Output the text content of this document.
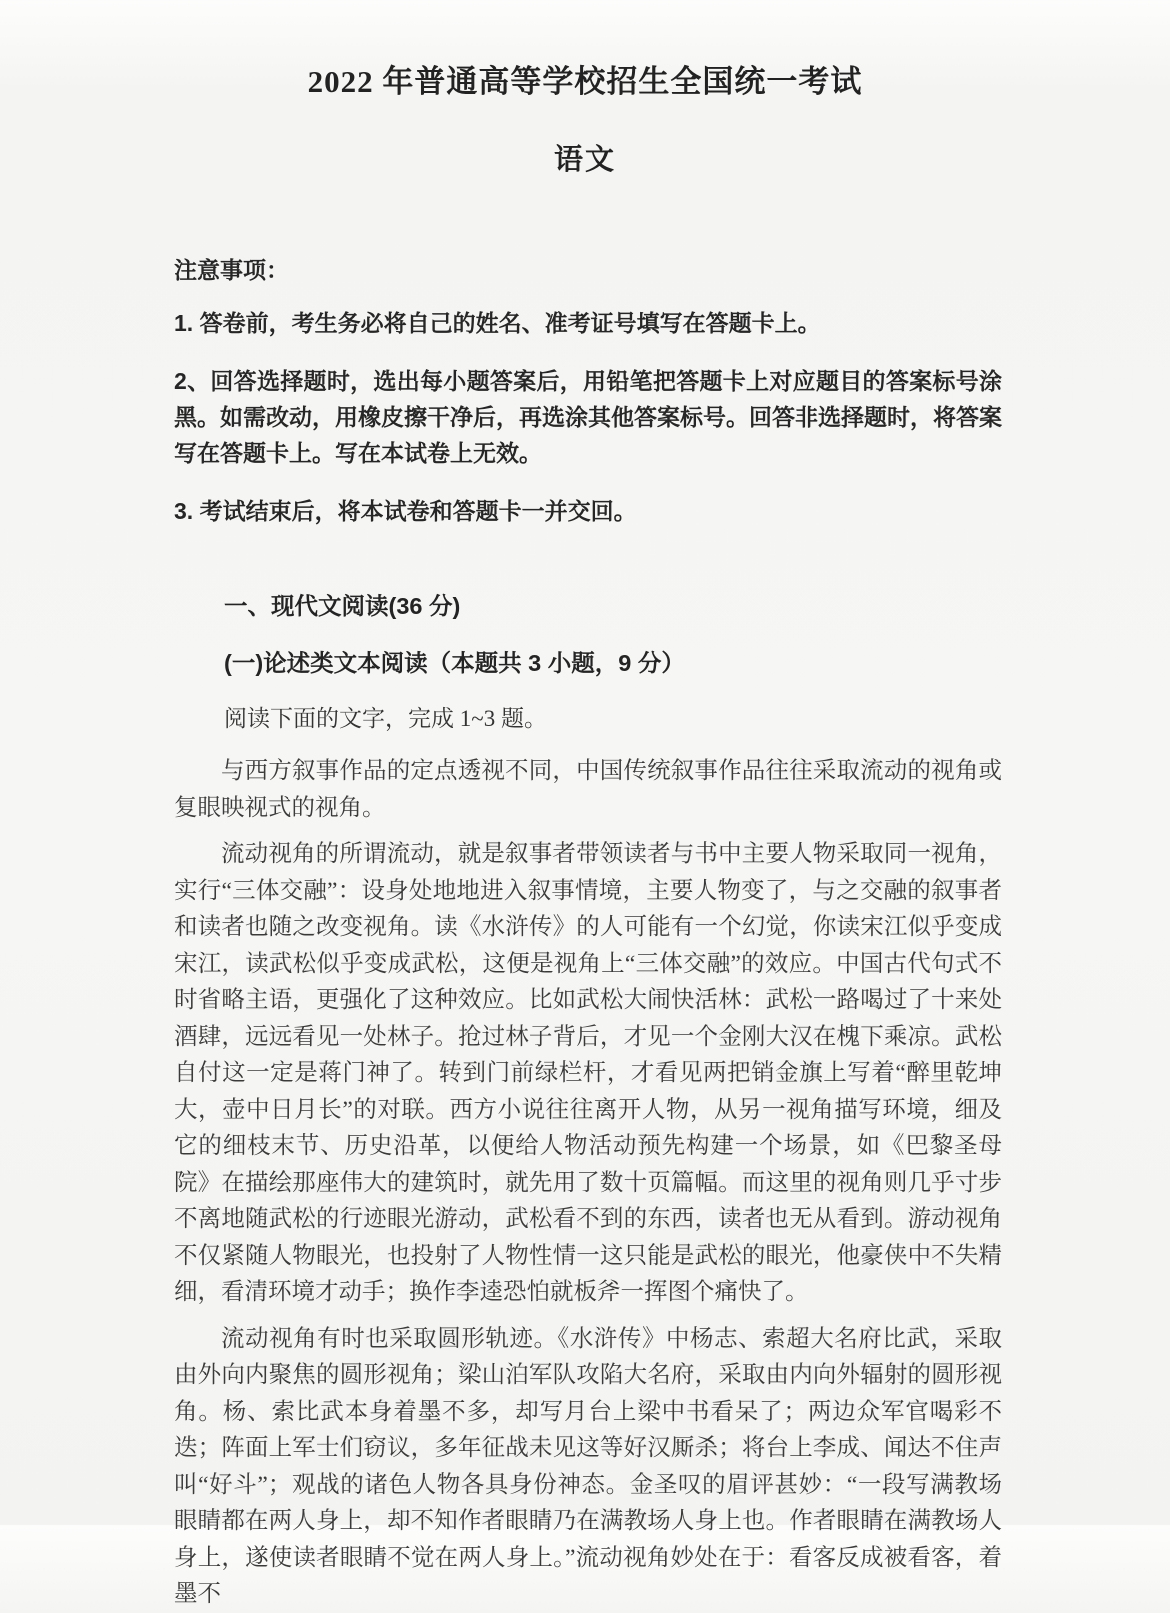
2022 年普通高等学校招生全国统一考试
语文

注意事项：

1. 答卷前，考生务必将自己的姓名、准考证号填写在答题卡上。

2、回答选择题时，选出每小题答案后，用铅笔把答题卡上对应题目的答案标号涂黑。如需改动，用橡皮擦干净后，再选涂其他答案标号。回答非选择题时，将答案写在答题卡上。写在本试卷上无效。

3. 考试结束后，将本试卷和答题卡一并交回。

一、现代文阅读(36 分)

(一)论述类文本阅读（本题共 3 小题，9 分）

阅读下面的文字，完成 1~3 题。

与西方叙事作品的定点透视不同，中国传统叙事作品往往采取流动的视角或复眼映视式的视角。

流动视角的所谓流动，就是叙事者带领读者与书中主要人物采取同一视角，实行“三体交融”：设身处地地进入叙事情境，主要人物变了，与之交融的叙事者和读者也随之改变视角。读《水浒传》的人可能有一个幻觉，你读宋江似乎变成宋江，读武松似乎变成武松，这便是视角上“三体交融”的效应。中国古代句式不时省略主语，更强化了这种效应。比如武松大闹快活林：武松一路喝过了十来处酒肆，远远看见一处林子。抢过林子背后，才见一个金刚大汉在槐下乘凉。武松自付这一定是蒋门神了。转到门前绿栏杆，才看见两把销金旗上写着“醉里乾坤大，壶中日月长”的对联。西方小说往往离开人物，从另一视角描写环境，细及它的细枝末节、历史沿革，以便给人物活动预先构建一个场景，如《巴黎圣母院》在描绘那座伟大的建筑时，就先用了数十页篇幅。而这里的视角则几乎寸步不离地随武松的行迹眼光游动，武松看不到的东西，读者也无从看到。游动视角不仅紧随人物眼光，也投射了人物性情一这只能是武松的眼光，他豪侠中不失精细，看清环境才动手；换作李逵恐怕就板斧一挥图个痛快了。

流动视角有时也采取圆形轨迹。《水浒传》中杨志、索超大名府比武，采取由外向内聚焦的圆形视角；梁山泊军队攻陷大名府，采取由内向外辐射的圆形视角。杨、索比武本身着墨不多，却写月台上梁中书看呆了；两边众军官喝彩不迭；阵面上军士们窃议，多年征战未见这等好汉厮杀；将台上李成、闻达不住声叫“好斗”；观战的诸色人物各具身份神态。金圣叹的眉评甚妙：“一段写满教场眼睛都在两人身上，却不知作者眼睛乃在满教场人身上也。作者眼睛在满教场人身上，遂使读者眼睛不觉在两人身上。”流动视角妙处在于：看客反成被看客，着墨不
